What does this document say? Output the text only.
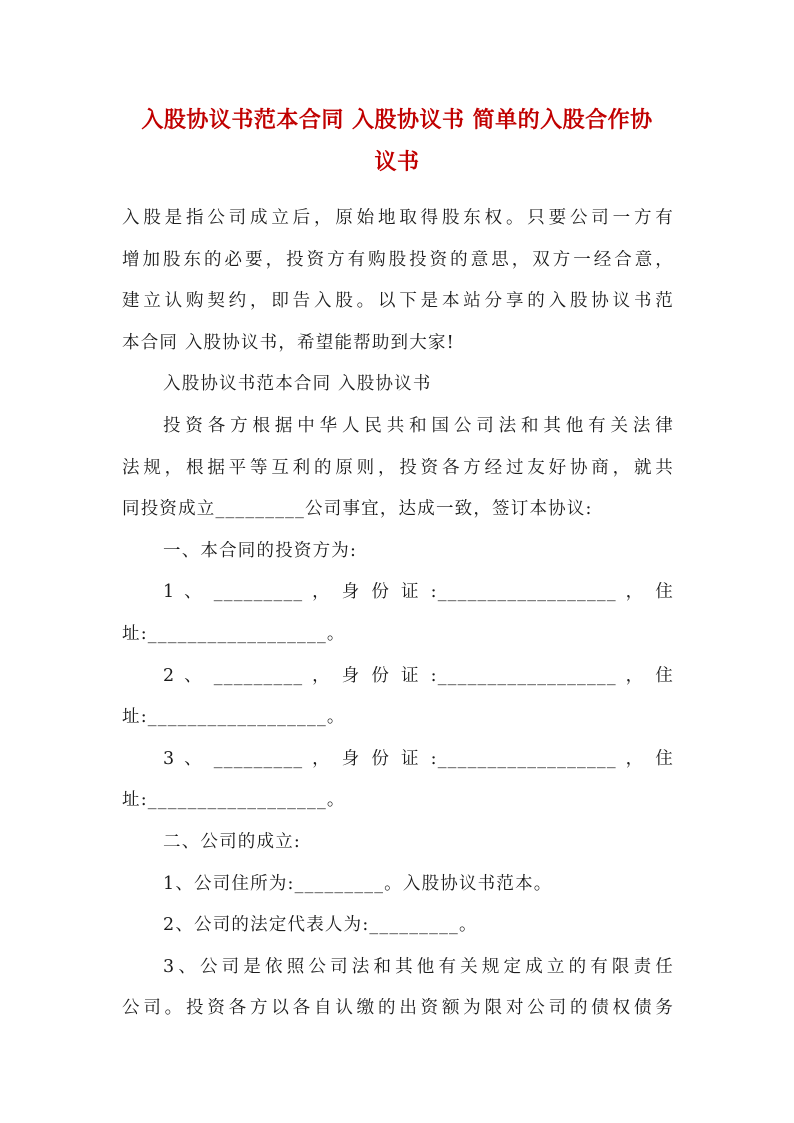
入股协议书范本合同 入股协议书 简单的入股合作协
议书
入股是指公司成立后，原始地取得股东权。只要公司一方有
增加股东的必要，投资方有购股投资的意思，双方一经合意，
建立认购契约，即告入股。以下是本站分享的入股协议书范
本合同 入股协议书，希望能帮助到大家!
入股协议书范本合同 入股协议书
投资各方根据中华人民共和国公司法和其他有关法律
法规，根据平等互利的原则，投资各方经过友好协商，就共
同投资成立_________公司事宜，达成一致，签订本协议:
一、本合同的投资方为:
1 、 _________ ， 身 份 证 :__________________ ， 住
址:__________________。
2 、 _________ ， 身 份 证 :__________________ ， 住
址:__________________。
3 、 _________ ， 身 份 证 :__________________ ， 住
址:__________________。
二、公司的成立:
1、公司住所为:_________。入股协议书范本。
2、公司的法定代表人为:_________。
3、公司是依照公司法和其他有关规定成立的有限责任
公司。投资各方以各自认缴的出资额为限对公司的债权债务
